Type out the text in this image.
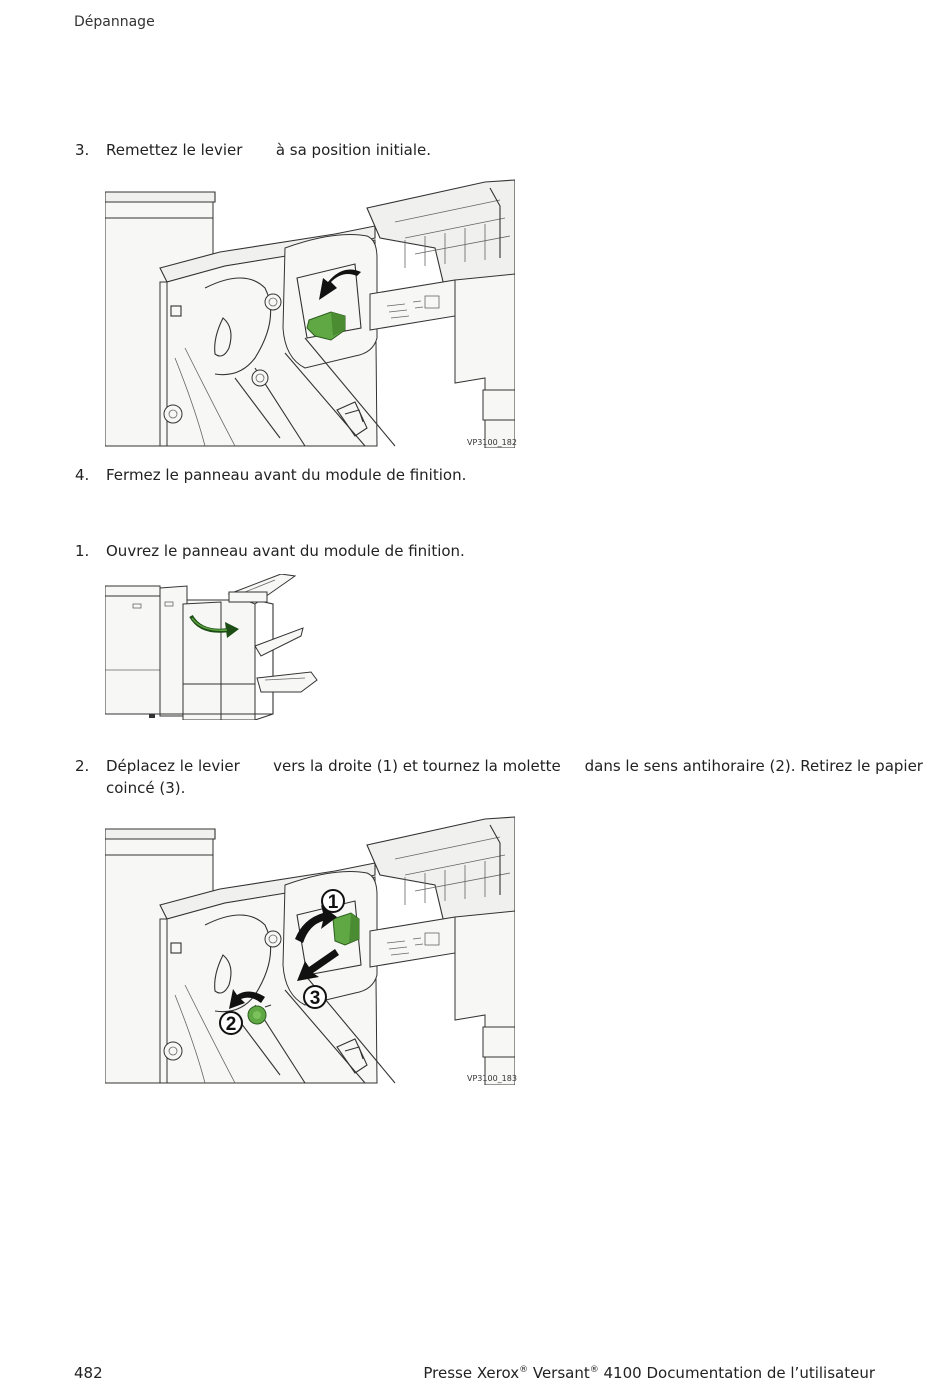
Dépannage
3.	Remettez le levier       à sa position initiale.
VP3100_182
4.	Fermez le panneau avant du module de finition.
1.	Ouvrez le panneau avant du module de finition.
2.	Déplacez le levier       vers la droite (1) et tournez la molette     dans le sens antihoraire (2). Retirez le papier
coincé (3).
1
3
2
VP3100_183
482	Presse Xerox® Versant® 4100 Documentation de l’utilisateur
